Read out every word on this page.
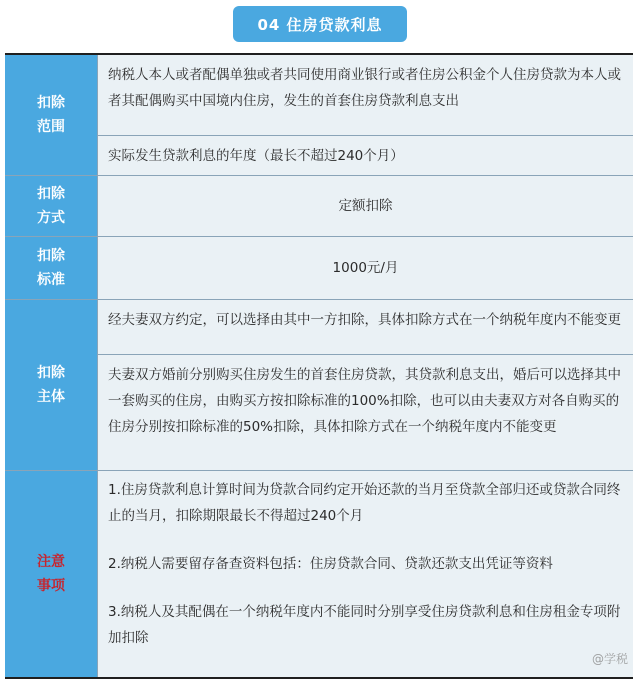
04 住房贷款利息
扣除范围
纳税人本人或者配偶单独或者共同使用商业银行或者住房公积金个人住房贷款为本人或者其配偶购买中国境内住房，发生的首套住房贷款利息支出
实际发生贷款利息的年度（最长不超过240个月）
扣除方式
定额扣除
扣除标准
1000元/月
扣除主体
经夫妻双方约定，可以选择由其中一方扣除，具体扣除方式在一个纳税年度内不能变更
夫妻双方婚前分别购买住房发生的首套住房贷款，其贷款利息支出，婚后可以选择其中一套购买的住房，由购买方按扣除标准的100%扣除，也可以由夫妻双方对各自购买的住房分别按扣除标准的50%扣除，具体扣除方式在一个纳税年度内不能变更
注意事项

1.住房贷款利息计算时间为贷款合同约定开始还款的当月至贷款全部归还或贷款合同终止的当月，扣除期限最长不得超过240个月

2.纳税人需要留存备查资料包括：住房贷款合同、贷款还款支出凭证等资料

3.纳税人及其配偶在一个纳税年度内不能同时分别享受住房贷款利息和住房租金专项附加扣除

@学税
